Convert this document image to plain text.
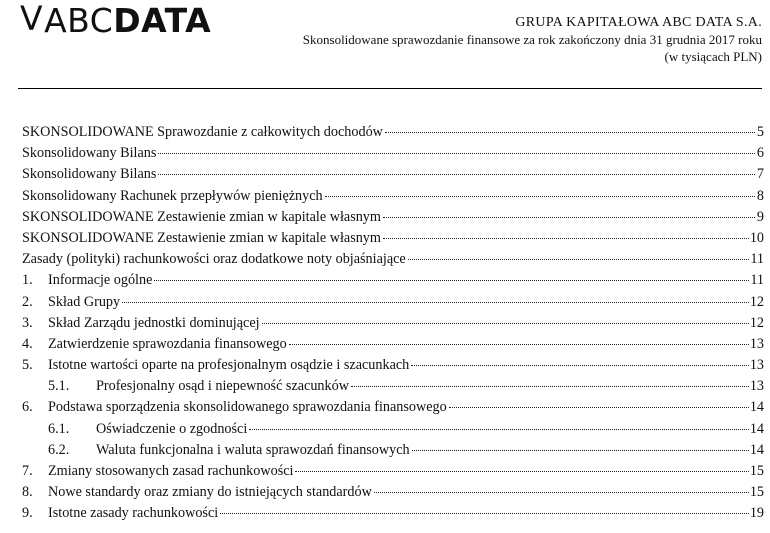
ᐯ ABC DATA	GRUPA KAPITAŁOWA ABC DATA S.A.
Skonsolidowane sprawozdanie finansowe za rok zakończony dnia 31 grudnia 2017 roku
(w tysiącach PLN)
SKONSOLIDOWANE Sprawozdanie z całkowitych dochodów	5
Skonsolidowany Bilans	6
Skonsolidowany Bilans	7
Skonsolidowany Rachunek przepływów pieniężnych	8
SKONSOLIDOWANE Zestawienie zmian w kapitale własnym	9
SKONSOLIDOWANE Zestawienie zmian w kapitale własnym	10
Zasady (polityki) rachunkowości oraz dodatkowe noty objaśniające	11
1.	Informacje ogólne	11
2.	Skład Grupy	12
3.	Skład Zarządu jednostki dominującej	12
4.	Zatwierdzenie sprawozdania finansowego	13
5.	Istotne wartości oparte na profesjonalnym osądzie i szacunkach	13
5.1.	Profesjonalny osąd i niepewność szacunków	13
6.	Podstawa sporządzenia skonsolidowanego sprawozdania finansowego	14
6.1.	Oświadczenie o zgodności	14
6.2.	Waluta funkcjonalna i waluta sprawozdań finansowych	14
7.	Zmiany stosowanych zasad rachunkowości	15
8.	Nowe standardy oraz zmiany do istniejących standardów	15
9.	Istotne zasady rachunkowości	19
